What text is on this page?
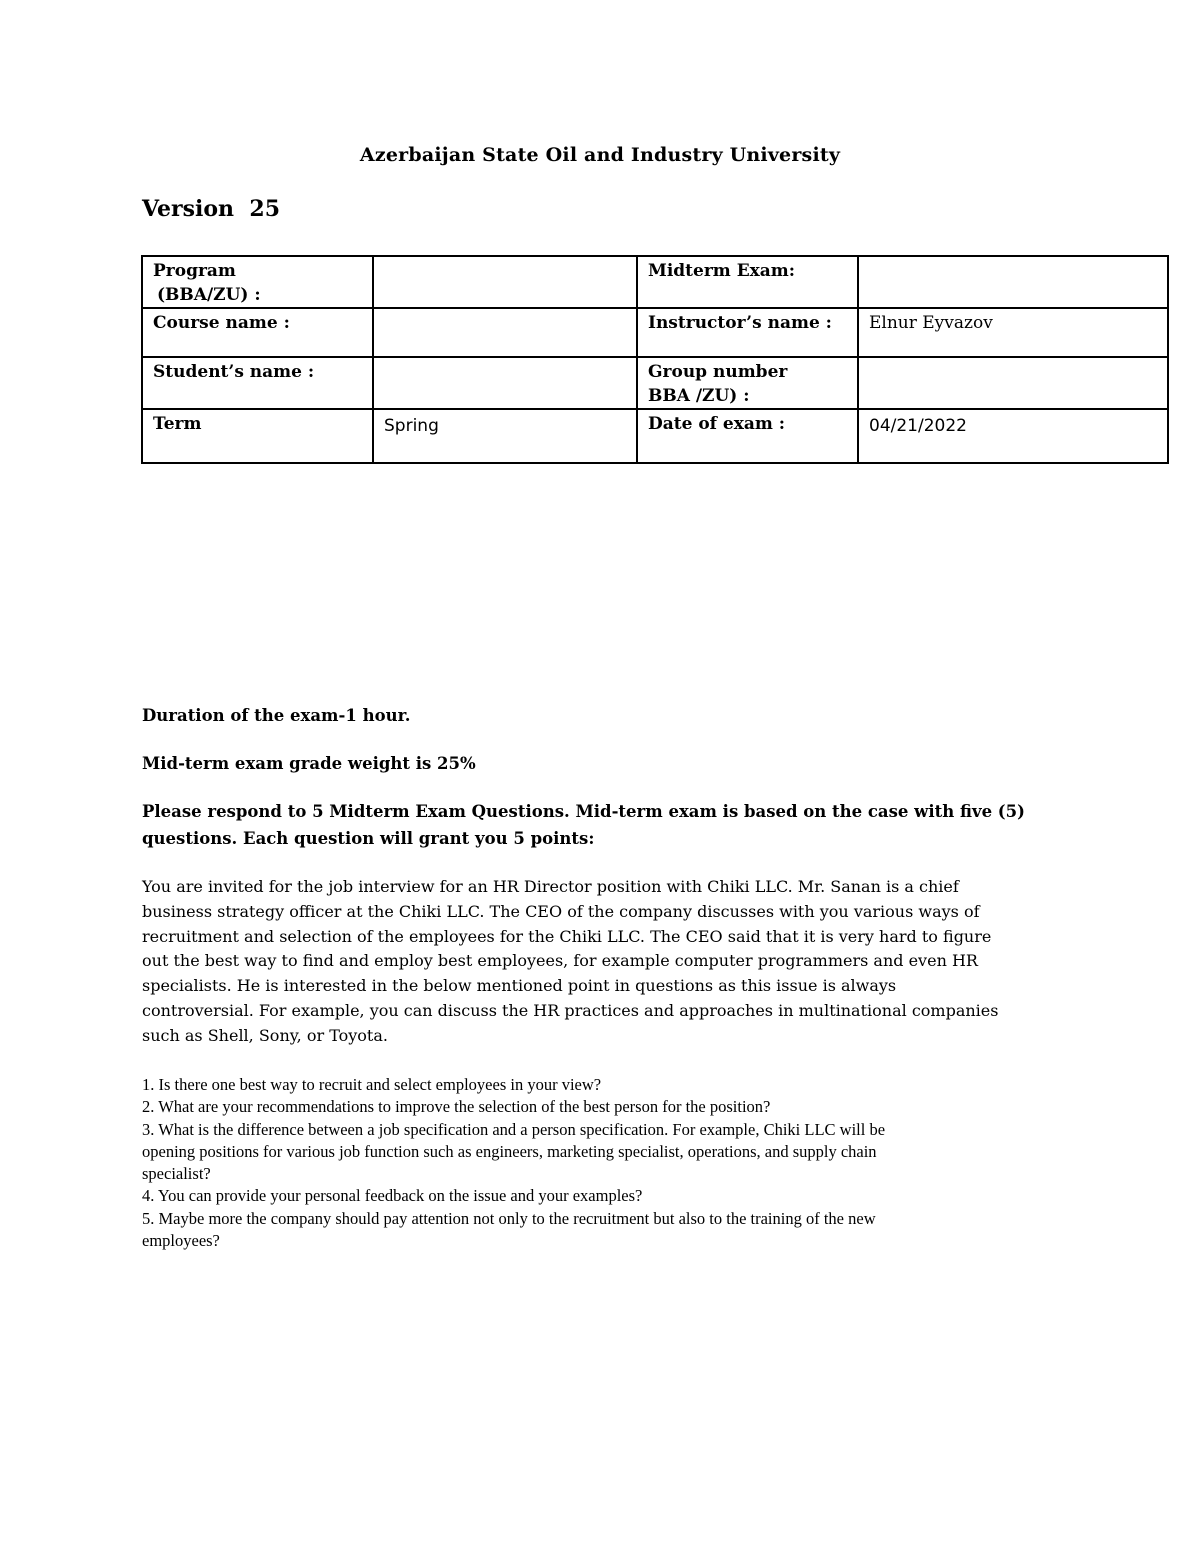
Azerbaijan State Oil and Industry University
Version 25
Program
(BBA/ZU) :		Midterm Exam:	
Course name :		Instructor’s name :	Elnur Eyvazov
Student’s name :		Group number
BBA /ZU) :	
Term	Spring	Date of exam :	04/21/2022
Duration of the exam-1 hour.
Mid-term exam grade weight is 25%
Please respond to 5 Midterm Exam Questions. Mid-term exam is based on the case with five (5)
questions. Each question will grant you 5 points:
You are invited for the job interview for an HR Director position with Chiki LLC. Mr. Sanan is a chief
business strategy officer at the Chiki LLC. The CEO of the company discusses with you various ways of
recruitment and selection of the employees for the Chiki LLC. The CEO said that it is very hard to figure
out the best way to find and employ best employees, for example computer programmers and even HR
specialists. He is interested in the below mentioned point in questions as this issue is always
controversial. For example, you can discuss the HR practices and approaches in multinational companies
such as Shell, Sony, or Toyota.
1. Is there one best way to recruit and select employees in your view?
2. What are your recommendations to improve the selection of the best person for the position?
3. What is the difference between a job specification and a person specification. For example, Chiki LLC will be
opening positions for various job function such as engineers, marketing specialist, operations, and supply chain
specialist?
4. You can provide your personal feedback on the issue and your examples?
5. Maybe more the company should pay attention not only to the recruitment but also to the training of the new
employees?
